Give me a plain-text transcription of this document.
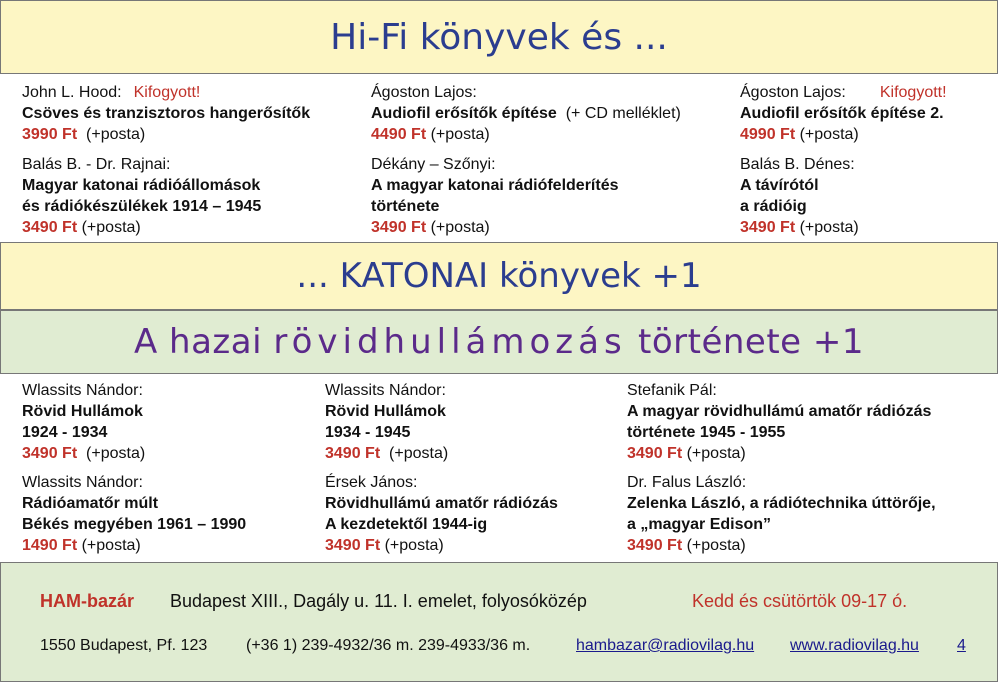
Hi-Fi könyvek és ...
John L. Hood: Kifogyott!
Csöves és tranzisztoros hangerősítők
3990 Ft (+posta)
Ágoston Lajos:
Audiofil erősítők építése (+ CD melléklet)
4490 Ft (+posta)
Ágoston Lajos: Kifogyott!
Audiofil erősítők építése 2.
4990 Ft (+posta)
Balás B. - Dr. Rajnai:
Magyar katonai rádióállomások
és rádiókészülékek 1914 – 1945
3490 Ft (+posta)
Dékány – Szőnyi:
A magyar katonai rádiófelderítés
története
3490 Ft (+posta)
Balás B. Dénes:
A távírótól
a rádióig
3490 Ft (+posta)
... KATONAI könyvek +1
A hazai rövidhullámozás története +1
Wlassits Nándor:
Rövid Hullámok
1924 - 1934
3490 Ft (+posta)
Wlassits Nándor:
Rövid Hullámok
1934 - 1945
3490 Ft (+posta)
Stefanik Pál:
A magyar rövidhullámú amatőr rádiózás
története 1945 - 1955
3490 Ft (+posta)
Wlassits Nándor:
Rádióamatőr múlt
Békés megyében 1961 – 1990
1490 Ft (+posta)
Érsek János:
Rövidhullámú amatőr rádiózás
A kezdetektől 1944-ig
3490 Ft (+posta)
Dr. Falus László:
Zelenka László, a rádiótechnika úttörője,
a „magyar Edison”
3490 Ft (+posta)
HAM-bazár Budapest XIII., Dagály u. 11. I. emelet, folyosóközép	Kedd és csütörtök 09-17 ó.
1550 Budapest, Pf. 123 (+36 1) 239-4932/36 m. 239-4933/36 m.	hambazar@radiovilag.hu www.radiovilag.hu 4
